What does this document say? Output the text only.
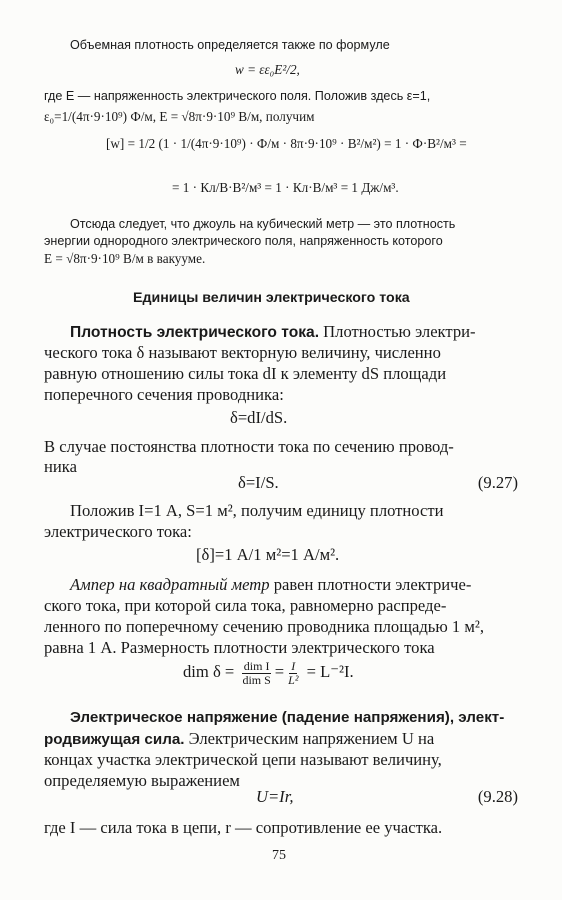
Объемная плотность определяется также по формуле
w = εε₀E²/2,
где E — напряженность электрического поля. Положив здесь ε=1,
ε₀=1/(4π·9·10⁹) Ф/м, E = √8π·9·10⁹ В/м, получим
[w] = 1/2 (1 · 1/(4π·9·10⁹) · Ф/м · 8π·9·10⁹ · В²/м²) = 1 · Ф·В²/м³ =
= 1 · Кл/В·В²/м³ = 1 · Кл·В/м³ = 1 Дж/м³.
Отсюда следует, что джоуль на кубический метр — это плотность
энергии однородного электрического поля, напряженность которого
E = √8π·9·10⁹ В/м в вакууме.
Единицы величин электрического тока
Плотность электрического тока. Плотностью электри-
ческого тока δ называют векторную величину, численно
равную отношению силы тока dI к элементу dS площади
поперечного сечения проводника:
δ=dI/dS.
В случае постоянства плотности тока по сечению провод-
ника
δ=I/S.	(9.27)
Положив I=1 А, S=1 м², получим единицу плотности
электрического тока:
[δ]=1 А/1 м²=1 А/м².
Ампер на квадратный метр равен плотности электриче-
ского тока, при которой сила тока, равномерно распреде-
ленного по поперечному сечению проводника площадью 1 м²,
равна 1 А. Размерность плотности электрического тока
dim $\delta = \frac{\text{dim I}}{\text{dim S}} = \frac{I}{\text{L²}} = L^{-2}I$.
Электрическое напряжение (падение напряжения), элект-
родвижущая сила. Электрическим напряжением U на
концах участка электрической цепи называют величину,
определяемую выражением
U=Ir,	(9.28)
где I — сила тока в цепи, r — сопротивление ее участка.
75
